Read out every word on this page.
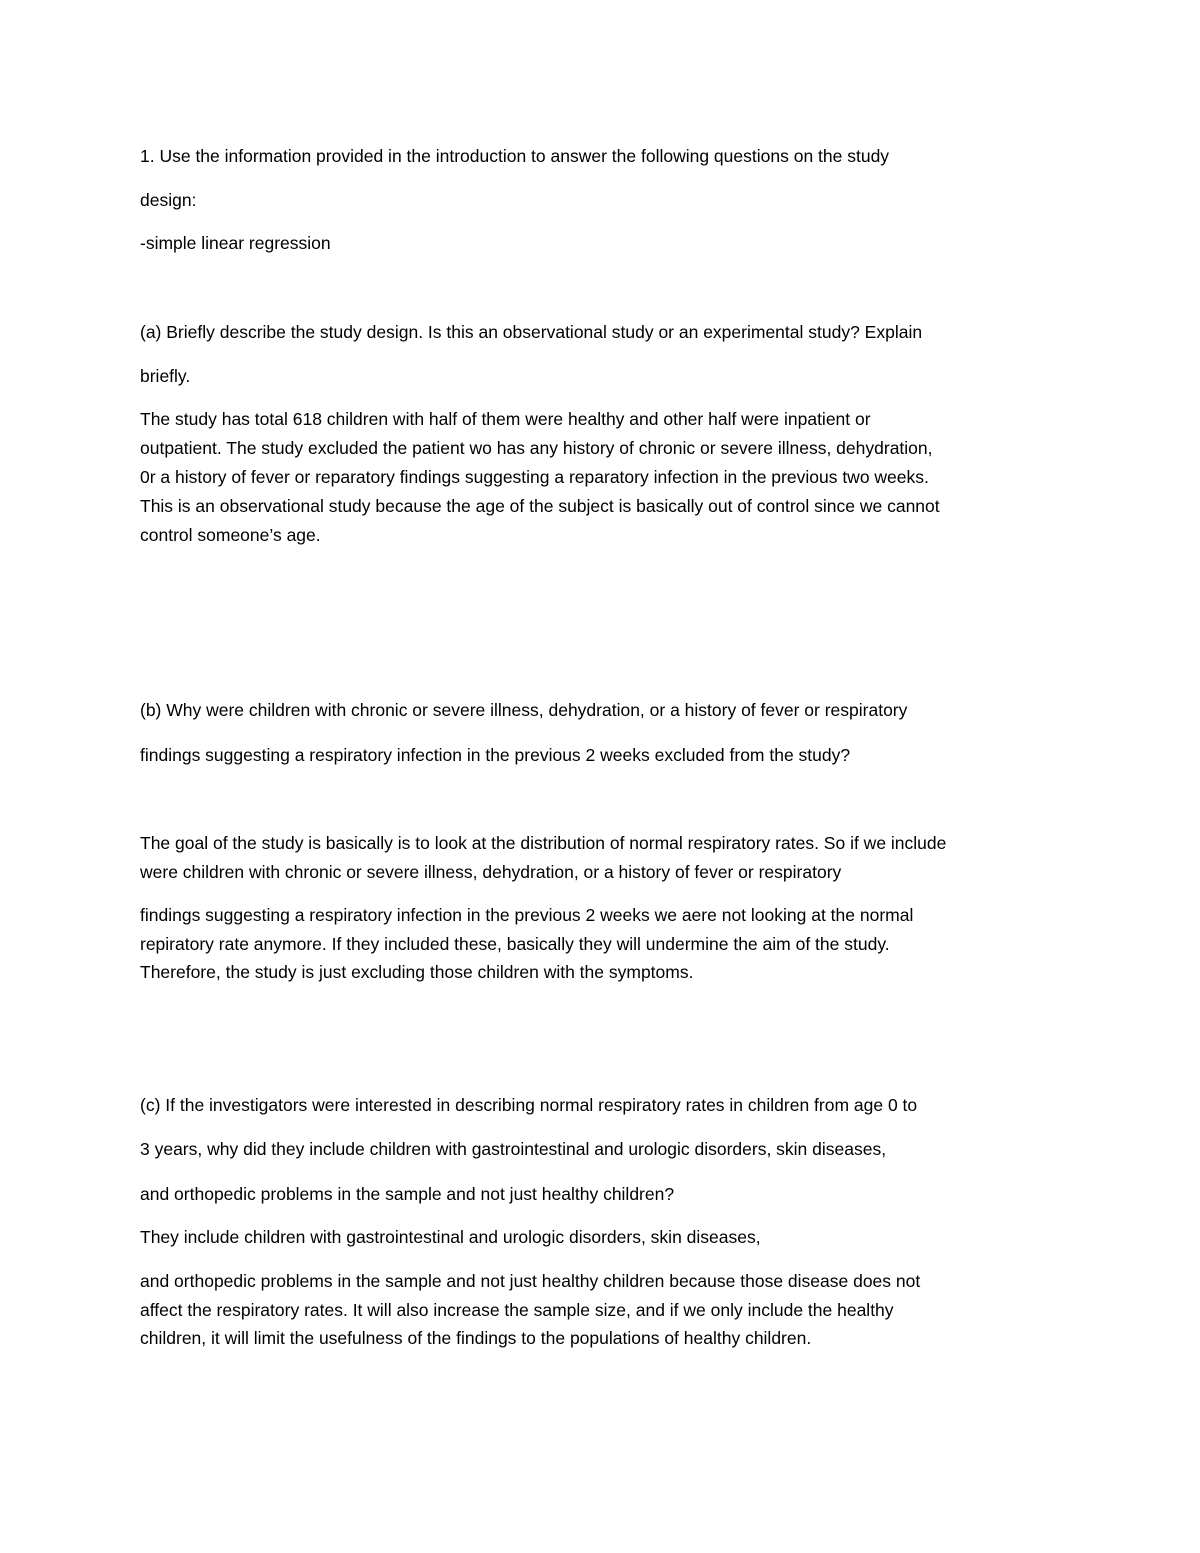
1. Use the information provided in the introduction to answer the following questions on the study

design:

-simple linear regression

(a) Briefly describe the study design. Is this an observational study or an experimental study? Explain

briefly.

The study has total 618 children with half of them were healthy and other half were inpatient or

outpatient. The study excluded the patient wo has any history of chronic or severe illness, dehydration,

0r a history of fever or reparatory findings suggesting a reparatory infection in the previous two weeks.

This is an observational study because the age of the subject is basically out of control since we cannot

control someone’s age.

(b) Why were children with chronic or severe illness, dehydration, or a history of fever or respiratory

findings suggesting a respiratory infection in the previous 2 weeks excluded from the study?

The goal of the study is basically is to look at the distribution of normal respiratory rates. So if we include

were children with chronic or severe illness, dehydration, or a history of fever or respiratory

findings suggesting a respiratory infection in the previous 2 weeks we aere not looking at the normal

repiratory rate anymore. If they included these, basically they will undermine the aim of the study.

Therefore, the study is just excluding those children with the symptoms.

(c) If the investigators were interested in describing normal respiratory rates in children from age 0 to

3 years, why did they include children with gastrointestinal and urologic disorders, skin diseases,

and orthopedic problems in the sample and not just healthy children?

They include children with gastrointestinal and urologic disorders, skin diseases,

and orthopedic problems in the sample and not just healthy children because those disease does not

affect the respiratory rates. It will also increase the sample size, and if we only include the healthy

children, it will limit the usefulness of the findings to the populations of healthy children.
